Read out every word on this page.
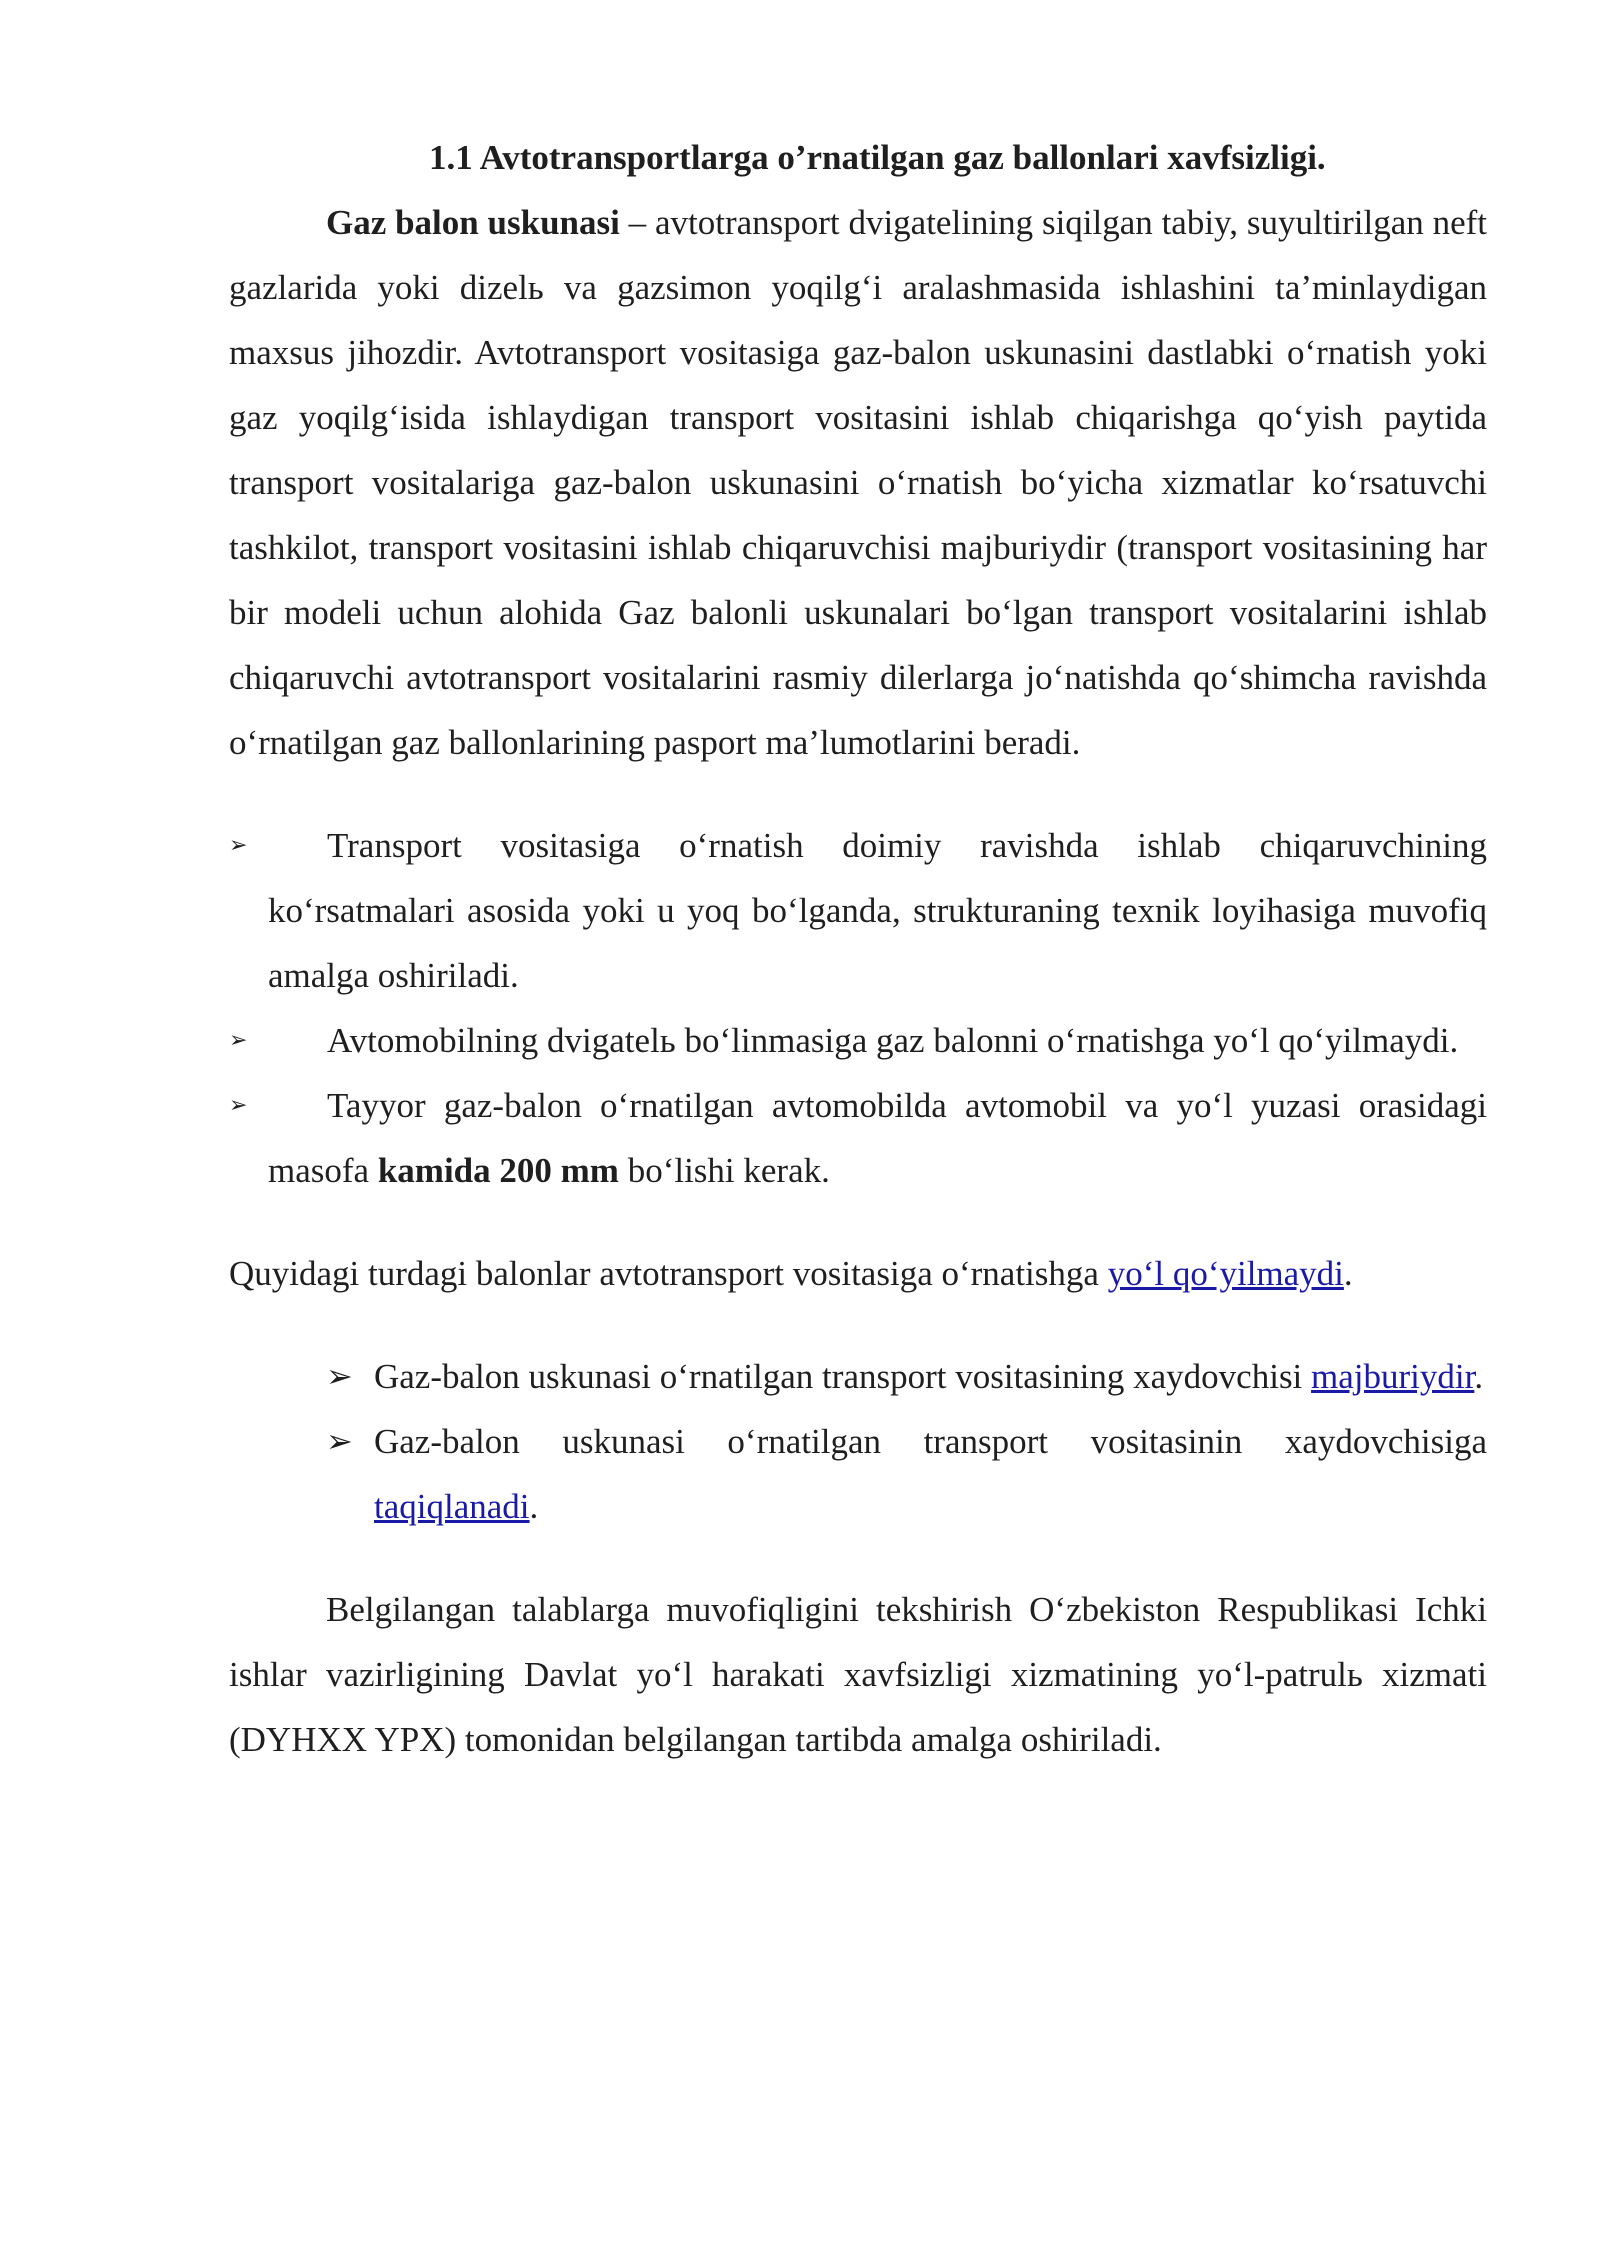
1.1 Avtotransportlarga o’rnatilgan gaz ballonlari xavfsizligi.

Gaz balon uskunasi – avtotransport dvigatelining siqilgan tabiy, suyultirilgan neft gazlarida yoki dizelь va gazsimon yoqilg‘i aralashmasida ishlashini ta’minlaydigan maxsus jihozdir. Avtotransport vositasiga gaz-balon uskunasini dastlabki o‘rnatish yoki gaz yoqilg‘isida ishlaydigan transport vositasini ishlab chiqarishga qo‘yish paytida transport vositalariga gaz-balon uskunasini o‘rnatish bo‘yicha xizmatlar ko‘rsatuvchi tashkilot, transport vositasini ishlab chiqaruvchisi majburiydir (transport vositasining har bir modeli uchun alohida Gaz balonli uskunalari bo‘lgan transport vositalarini ishlab chiqaruvchi avtotransport vositalarini rasmiy dilerlarga jo‘natishda qo‘shimcha ravishda o‘rnatilgan gaz ballonlarining pasport ma’lumotlarini beradi.

➢ Transport vositasiga o‘rnatish doimiy ravishda ishlab chiqaruvchining ko‘rsatmalari asosida yoki u yoq bo‘lganda, strukturaning texnik loyihasiga muvofiq amalga oshiriladi.
➢ Avtomobilning dvigatelь bo‘linmasiga gaz balonni o‘rnatishga yo‘l qo‘yilmaydi.
➢ Tayyor gaz-balon o‘rnatilgan avtomobilda avtomobil va yo‘l yuzasi orasidagi masofa kamida 200 mm bo‘lishi kerak.

Quyidagi turdagi balonlar avtotransport vositasiga o‘rnatishga yo‘l qo‘yilmaydi.

➢ Gaz-balon uskunasi o‘rnatilgan transport vositasining xaydovchisi majburiydir.
➢ Gaz-balon uskunasi o‘rnatilgan transport vositasinin xaydovchisiga taqiqlanadi.

Belgilangan talablarga muvofiqligini tekshirish O‘zbekiston Respublikasi Ichki ishlar vazirligining Davlat yo‘l harakati xavfsizligi xizmatining yo‘l-patrulь xizmati (DYHXX YPX) tomonidan belgilangan tartibda amalga oshiriladi.
